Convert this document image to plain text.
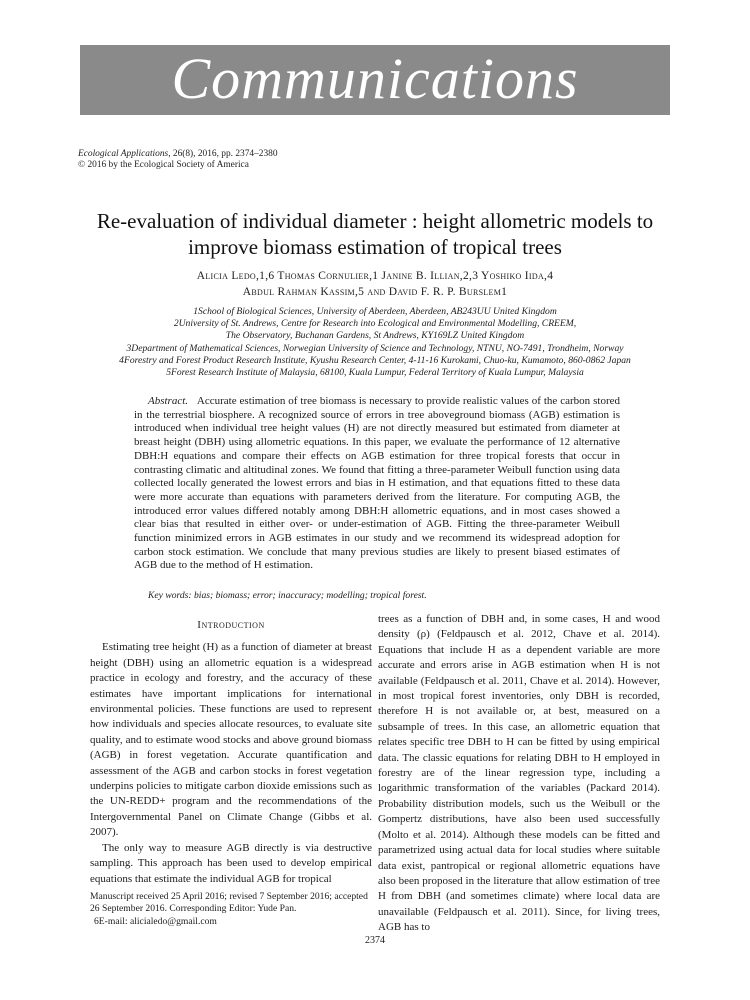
Communications
Ecological Applications, 26(8), 2016, pp. 2374–2380
© 2016 by the Ecological Society of America
Re-evaluation of individual diameter : height allometric models to
improve biomass estimation of tropical trees
Alicia Ledo,1,6 Thomas Cornulier,1 Janine B. Illian,2,3 Yoshiko Iida,4
Abdul Rahman Kassim,5 and David F. R. P. Burslem1

1School of Biological Sciences, University of Aberdeen, Aberdeen, AB243UU United Kingdom

2University of St. Andrews, Centre for Research into Ecological and Environmental Modelling, CREEM,

The Observatory, Buchanan Gardens, St Andrews, KY169LZ United Kingdom

3Department of Mathematical Sciences, Norwegian University of Science and Technology, NTNU, NO-7491, Trondheim, Norway

4Forestry and Forest Product Research Institute, Kyushu Research Center, 4-11-16 Kurokami, Chuo-ku, Kumamoto, 860-0862 Japan

5Forest Research Institute of Malaysia, 68100, Kuala Lumpur, Federal Territory of Kuala Lumpur, Malaysia

Abstract. Accurate estimation of tree biomass is necessary to provide realistic values of the carbon stored in the terrestrial biosphere. A recognized source of errors in tree aboveground biomass (AGB) estimation is introduced when individual tree height values (H) are not directly measured but estimated from diameter at breast height (DBH) using allometric equations. In this paper, we evaluate the performance of 12 alternative DBH:H equations and compare their effects on AGB estimation for three tropical forests that occur in contrasting climatic and altitudinal zones. We found that fitting a three-parameter Weibull function using data collected locally generated the lowest errors and bias in H estimation, and that equations fitted to these data were more accurate than equations with parameters derived from the literature. For computing AGB, the introduced error values differed notably among DBH:H allometric equations, and in most cases showed a clear bias that resulted in either over- or under-estimation of AGB. Fitting the three-parameter Weibull function minimized errors in AGB estimates in our study and we recommend its widespread adoption for carbon stock estimation. We conclude that many previous studies are likely to present biased estimates of AGB due to the method of H estimation.

Key words: bias; biomass; error; inaccuracy; modelling; tropical forest.
Introduction

Estimating tree height (H) as a function of diameter at breast height (DBH) using an allometric equation is a widespread practice in ecology and forestry, and the accuracy of these estimates have important implications for international environmental policies. These functions are used to represent how individuals and species allocate resources, to evaluate site quality, and to estimate wood stocks and above ground biomass (AGB) in forest vegetation. Accurate quantification and assessment of the AGB and carbon stocks in forest vegetation underpins policies to mitigate carbon dioxide emissions such as the UN-REDD+ program and the recommendations of the Intergovernmental Panel on Climate Change (Gibbs et al. 2007).

The only way to measure AGB directly is via destructive sampling. This approach has been used to develop empirical equations that estimate the individual AGB for tropical

trees as a function of DBH and, in some cases, H and wood density (ρ) (Feldpausch et al. 2012, Chave et al. 2014). Equations that include H as a dependent variable are more accurate and errors arise in AGB estimation when H is not available (Feldpausch et al. 2011, Chave et al. 2014). However, in most tropical forest inventories, only DBH is recorded, therefore H is not available or, at best, measured on a subsample of trees. In this case, an allometric equation that relates specific tree DBH to H can be fitted by using empirical data. The classic equations for relating DBH to H employed in forestry are of the linear regression type, including a logarithmic transformation of the variables (Packard 2014). Probability distribution models, such us the Weibull or the Gompertz distributions, have also been used successfully (Molto et al. 2014). Although these models can be fitted and parametrized using actual data for local studies where suitable data exist, pantropical or regional allometric equations have also been proposed in the literature that allow estimation of tree H from DBH (and sometimes climate) where local data are unavailable (Feldpausch et al. 2011). Since, for living trees, AGB has to

Manuscript received 25 April 2016; revised 7 September 2016; accepted 26 September 2016. Corresponding Editor: Yude Pan.

6E-mail: alicialedo@gmail.com

2374
